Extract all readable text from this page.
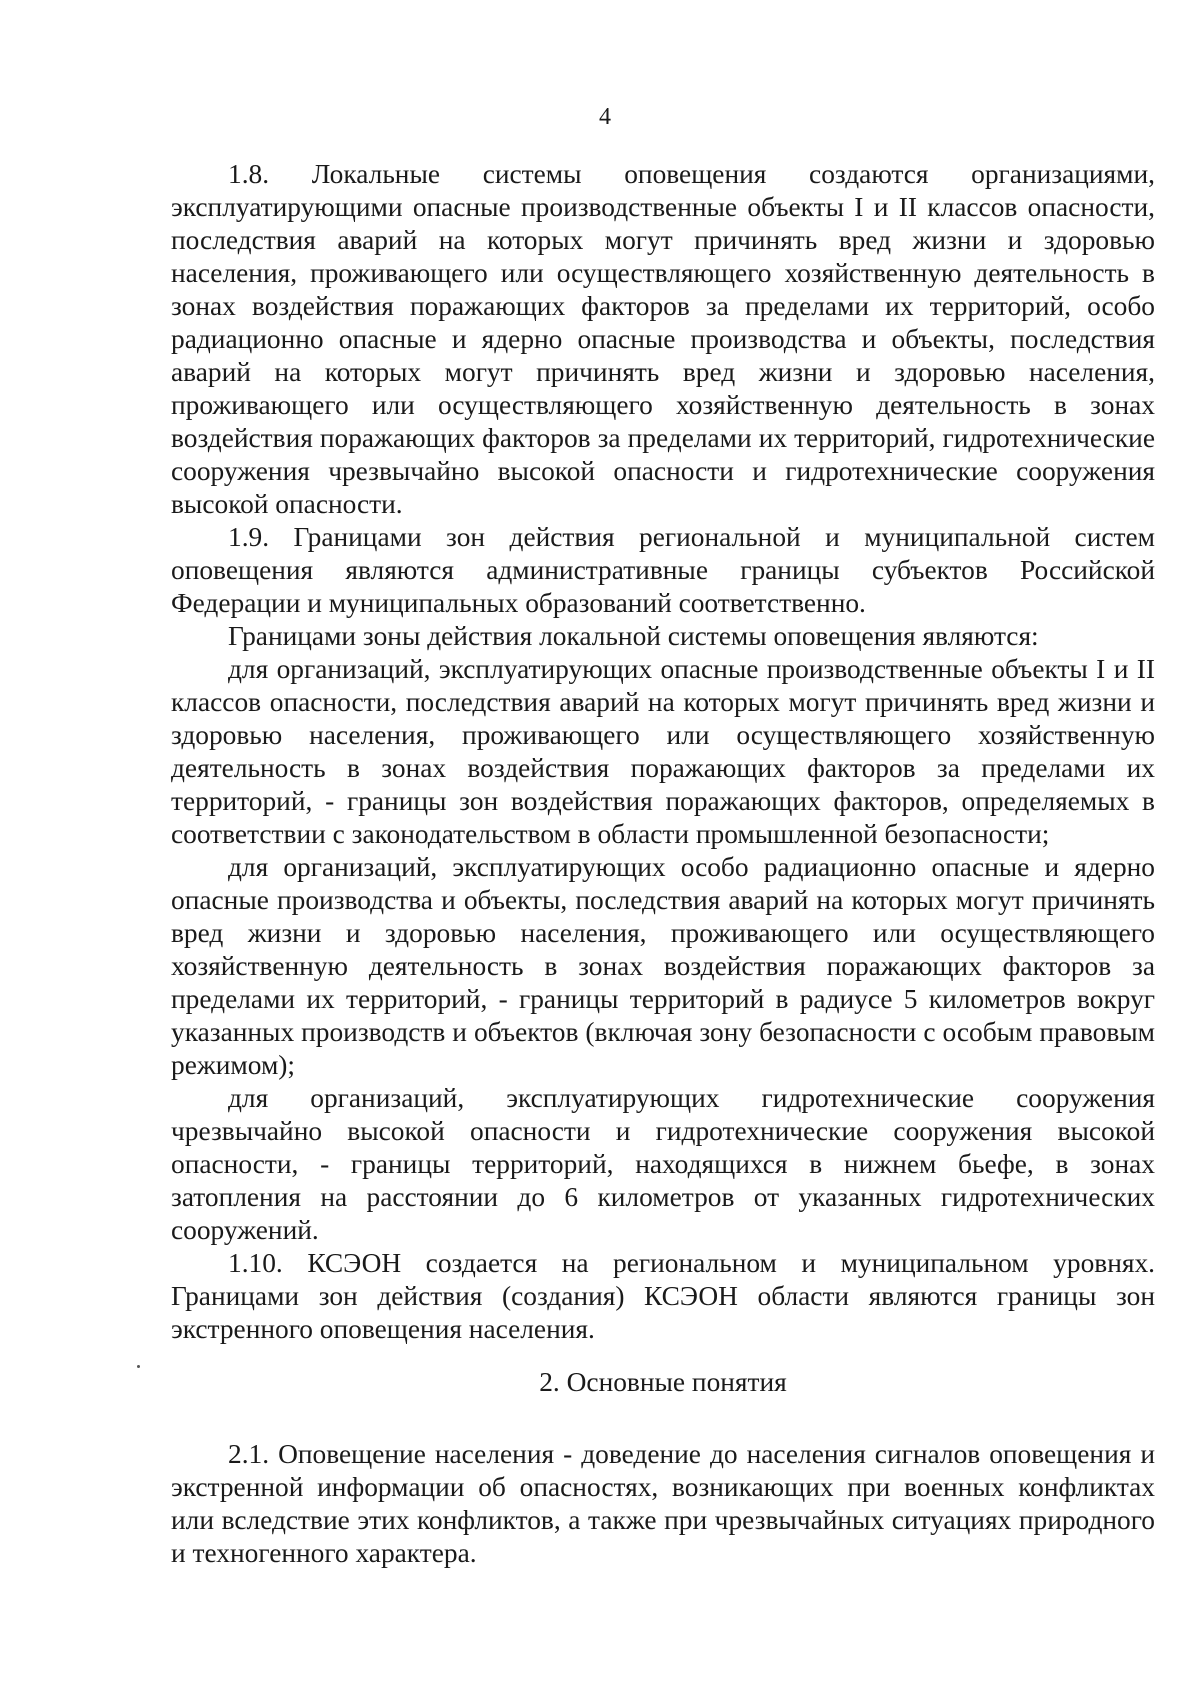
4

1.8. Локальные системы оповещения создаются организациями, эксплуатирующими опасные производственные объекты I и II классов опасности, последствия аварий на которых могут причинять вред жизни и здоровью населения, проживающего или осуществляющего хозяйственную деятельность в зонах воздействия поражающих факторов за пределами их территорий, особо радиационно опасные и ядерно опасные производства и объекты, последствия аварий на которых могут причинять вред жизни и здоровью населения, проживающего или осуществляющего хозяйственную деятельность в зонах воздействия поражающих факторов за пределами их территорий, гидротехнические сооружения чрезвычайно высокой опасности и гидротехнические сооружения высокой опасности.

1.9. Границами зон действия региональной и муниципальной систем оповещения являются административные границы субъектов Российской Федерации и муниципальных образований соответственно.

Границами зоны действия локальной системы оповещения являются:

для организаций, эксплуатирующих опасные производственные объекты I и II классов опасности, последствия аварий на которых могут причинять вред жизни и здоровью населения, проживающего или осуществляющего хозяйственную деятельность в зонах воздействия поражающих факторов за пределами их территорий, - границы зон воздействия поражающих факторов, определяемых в соответствии с законодательством в области промышленной безопасности;

для организаций, эксплуатирующих особо радиационно опасные и ядерно опасные производства и объекты, последствия аварий на которых могут причинять вред жизни и здоровью населения, проживающего или осуществляющего хозяйственную деятельность в зонах воздействия поражающих факторов за пределами их территорий, - границы территорий в радиусе 5 километров вокруг указанных производств и объектов (включая зону безопасности с особым правовым режимом);

для организаций, эксплуатирующих гидротехнические сооружения чрезвычайно высокой опасности и гидротехнические сооружения высокой опасности, - границы территорий, находящихся в нижнем бьефе, в зонах затопления на расстоянии до 6 километров от указанных гидротехнических сооружений.

1.10. КСЭОН создается на региональном и муниципальном уровнях. Границами зон действия (создания) КСЭОН области являются границы зон экстренного оповещения населения.

2. Основные понятия

2.1. Оповещение населения - доведение до населения сигналов оповещения и экстренной информации об опасностях, возникающих при военных конфликтах или вследствие этих конфликтов, а также при чрезвычайных ситуациях природного и техногенного характера.
